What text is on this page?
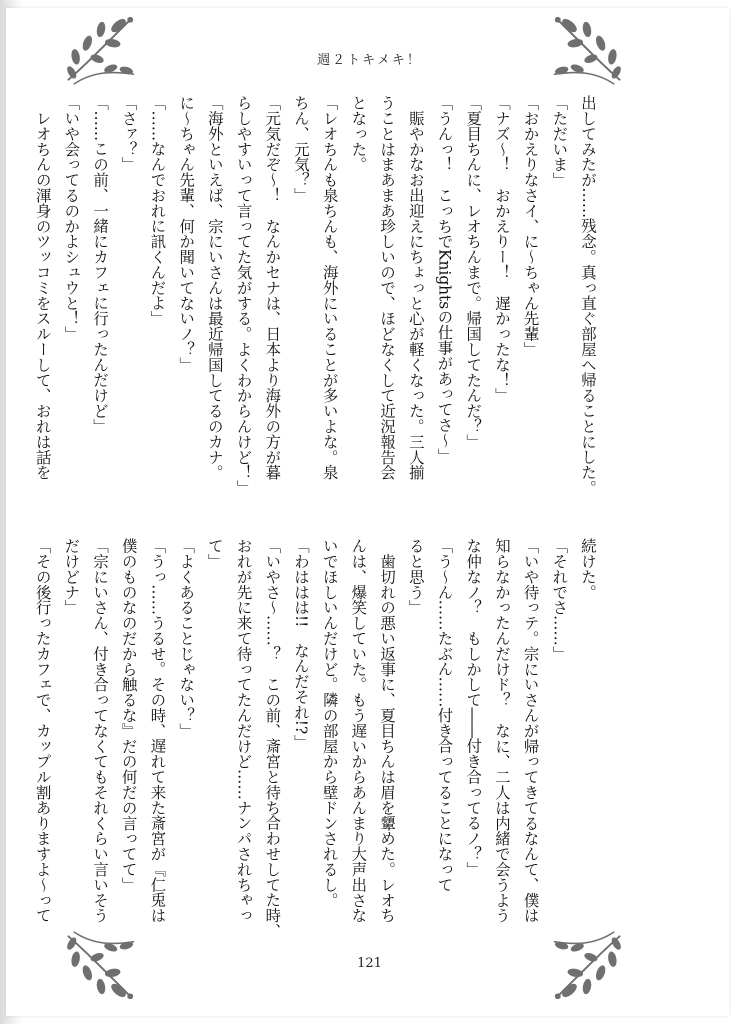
週２トキメキ！
出してみたが……残念。真っ直ぐ部屋へ帰ることにした。
「ただいま」
「おかえりなさイ、に〜ちゃん先輩」
「ナズ〜！　おかえりー！　遅かったな！」
「夏目ちんに、レオちんまで。帰国してたんだ？」
「うんっ！　こっちでKnightsの仕事があってさ〜」
　賑やかなお出迎えにちょっと心が軽くなった。三人揃
うことはまあまあ珍しいので、ほどなくして近況報告会
となった。
「レオちんも泉ちんも、海外にいることが多いよな。泉
ちん、元気？」
「元気だぞ〜！　なんかセナは、日本より海外の方が暮
らしやすいって言ってた気がする。よくわからんけど！」
「海外といえば、宗にいさんは最近帰国してるのカナ。
に〜ちゃん先輩、何か聞いてないノ？」
「……なんでおれに訊くんだよ」
「さァ？」
「……この前、一緒にカフェに行ったんだけど」
「いや会ってるのかよシュウと！」
　レオちんの渾身のツッコミをスルーして、おれは話を
続けた。
「それでさ……」
「いや待っテ。宗にいさんが帰ってきてるなんて、僕は
知らなかったんだけド？　なに、二人は内緒で会うよう
な仲なノ？　もしかして――付き合ってるノ？」
「う〜ん……たぶん……付き合ってることになって
ると思う」
　歯切れの悪い返事に、夏目ちんは眉を顰めた。レオち
んは、爆笑していた。もう遅いからあんまり大声出さな
いでほしいんだけど。隣の部屋から壁ドンされるし。
「わははは!!　なんだそれ!?」
「いやさ〜……？　この前、斎宮と待ち合わせしてた時、
おれが先に来て待ってたんだけど……ナンパされちゃっ
て」
「よくあることじゃない？」
「うっ……うるせ。その時、遅れて来た斎宮が『仁兎は
僕のものなのだから触るな』だの何だの言ってて」
「宗にいさん、付き合ってなくてもそれくらい言いそう
だけどナ」
「その後行ったカフェで、カップル割ありますよ〜って
121
